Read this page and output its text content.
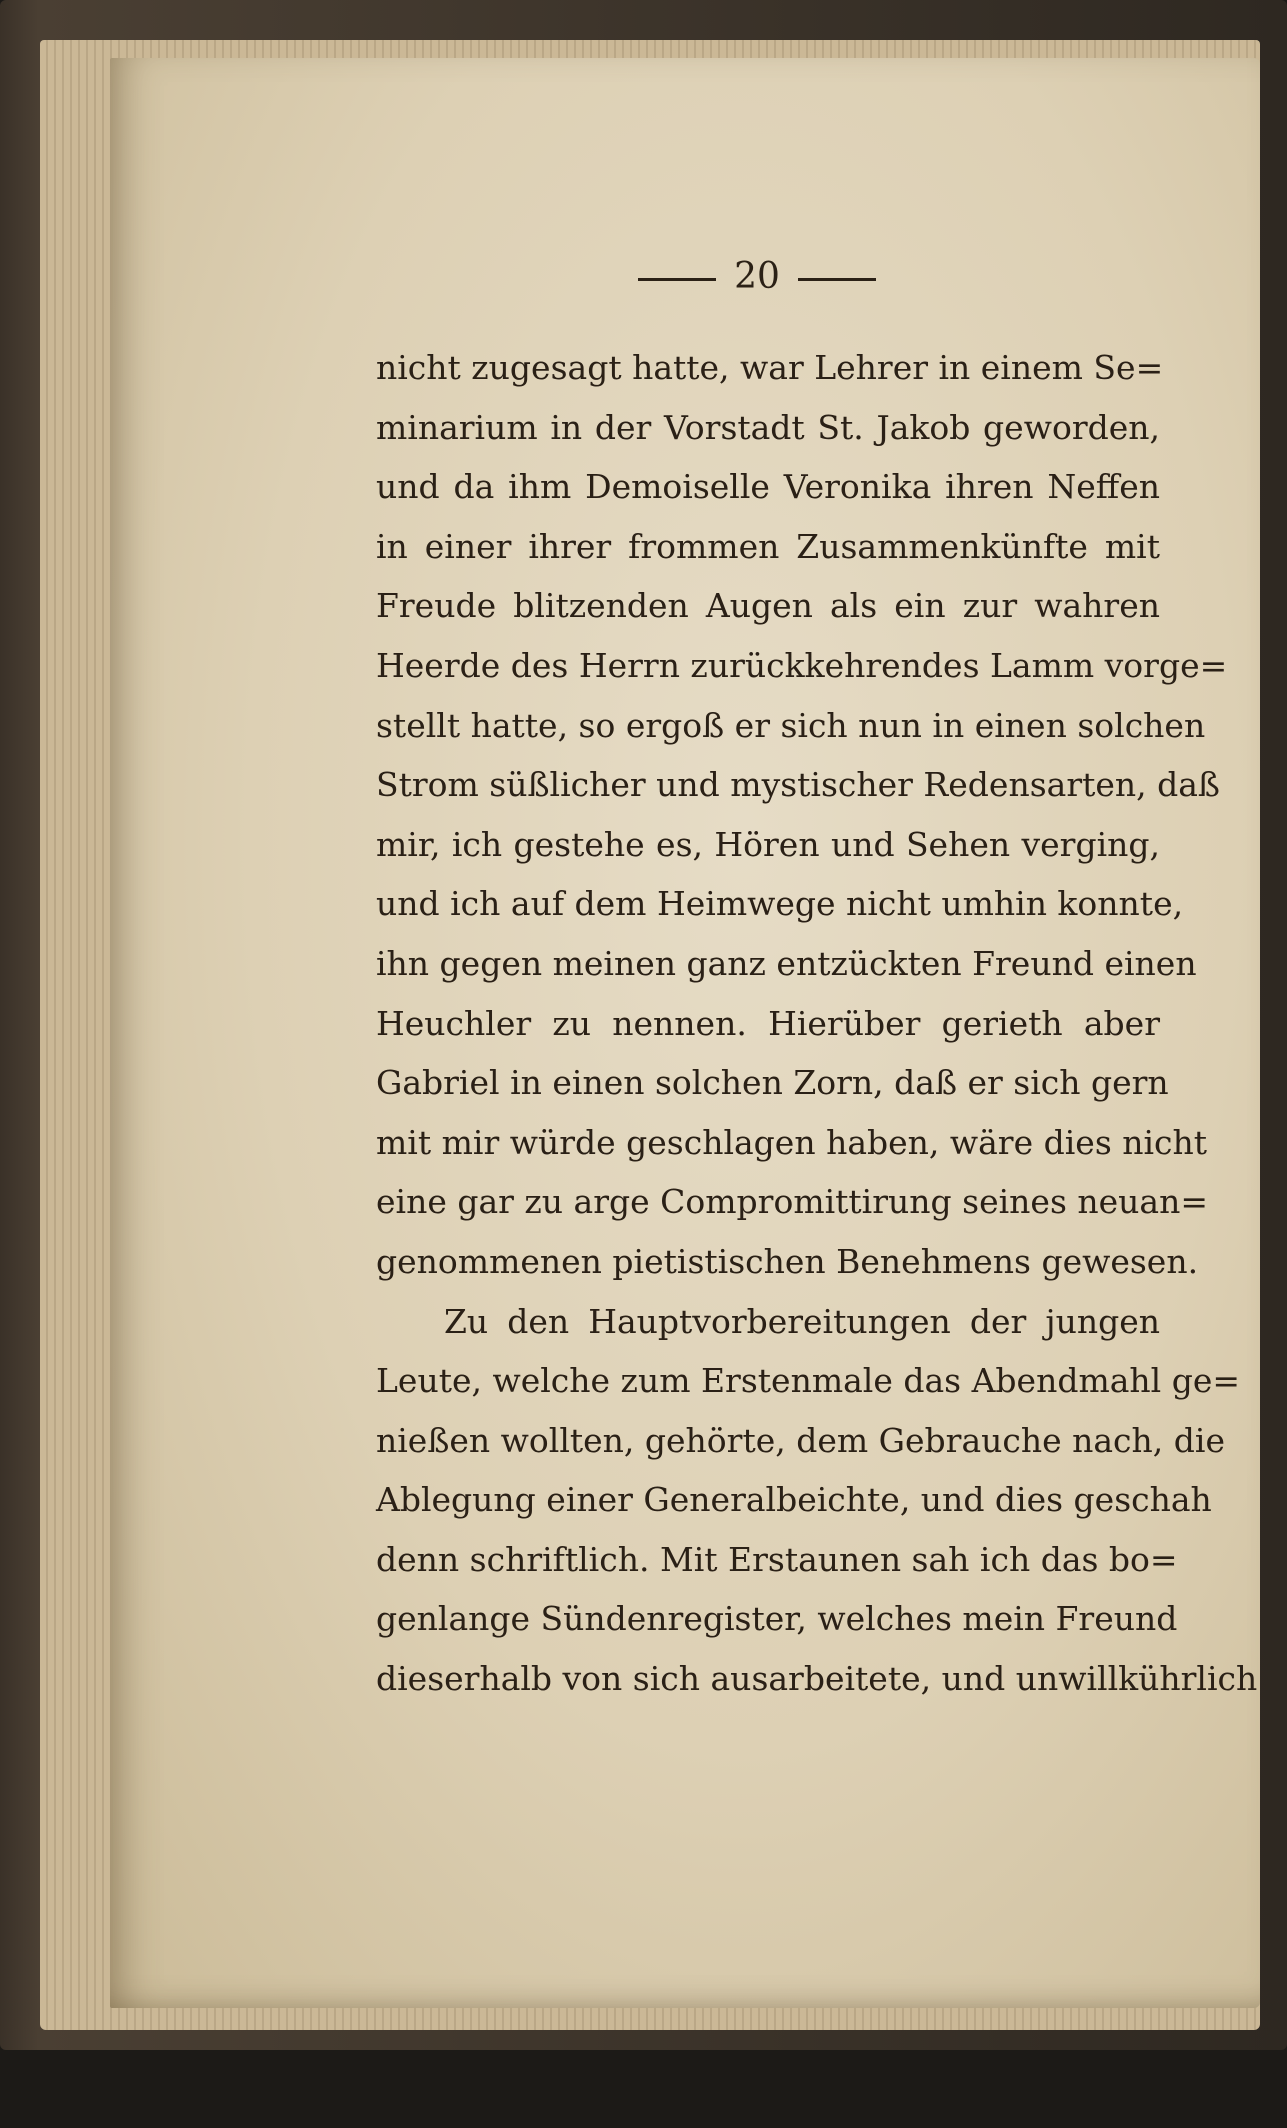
20
nicht zugesagt hatte, war Lehrer in einem Se=
minarium in der Vorstadt St. Jakob geworden,
und da ihm Demoiselle Veronika ihren Neffen
in einer ihrer frommen Zusammenkünfte mit
Freude blitzenden Augen als ein zur wahren
Heerde des Herrn zurückkehrendes Lamm vorge=
stellt hatte, so ergoß er sich nun in einen solchen
Strom süßlicher und mystischer Redensarten, daß
mir, ich gestehe es, Hören und Sehen verging,
und ich auf dem Heimwege nicht umhin konnte,
ihn gegen meinen ganz entzückten Freund einen
Heuchler zu nennen. Hierüber gerieth aber
Gabriel in einen solchen Zorn, daß er sich gern
mit mir würde geschlagen haben, wäre dies nicht
eine gar zu arge Compromittirung seines neuan=
genommenen pietistischen Benehmens gewesen.
Zu den Hauptvorbereitungen der jungen
Leute, welche zum Erstenmale das Abendmahl ge=
nießen wollten, gehörte, dem Gebrauche nach, die
Ablegung einer Generalbeichte, und dies geschah
denn schriftlich. Mit Erstaunen sah ich das bo=
genlange Sündenregister, welches mein Freund
dieserhalb von sich ausarbeitete, und unwillkührlich
